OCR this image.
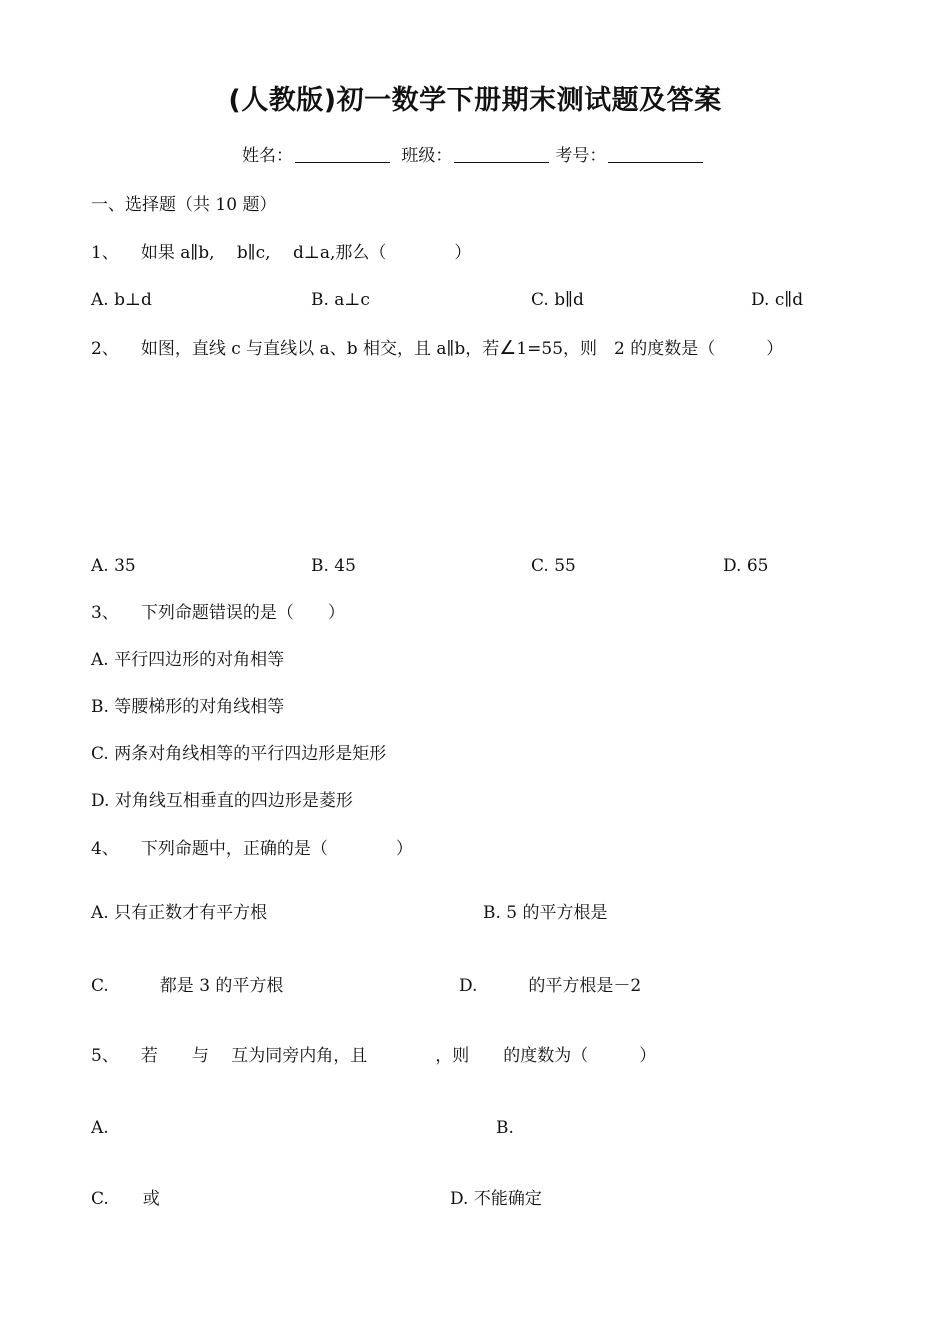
(人教版)初一数学下册期末测试题及答案
姓名：	班级：	考号：
一、选择题（共 10 题）
1、 如果 a∥b,　 b∥c,　 d⊥a,那么（　　　　）
A. b⊥d	B. a⊥c	C. b∥d	D. c∥d
2、 如图，直线 c 与直线以 a、b 相交，且 a∥b，若∠1=55，则　2 的度数是（　　　）
A. 35	B. 45	C. 55	D. 65
3、 下列命题错误的是（　　）
A. 平行四边形的对角相等
B. 等腰梯形的对角线相等
C. 两条对角线相等的平行四边形是矩形
D. 对角线互相垂直的四边形是菱形
4、 下列命题中，正确的是（　　　　）
A. 只有正数才有平方根	B. 5 的平方根是
C.　　　都是 3 的平方根	D.　　　的平方根是－2
5、 若　　与　 互为同旁内角，且　　　　，则　　的度数为（　　　）
A.	B.
C.　　或	D. 不能确定
